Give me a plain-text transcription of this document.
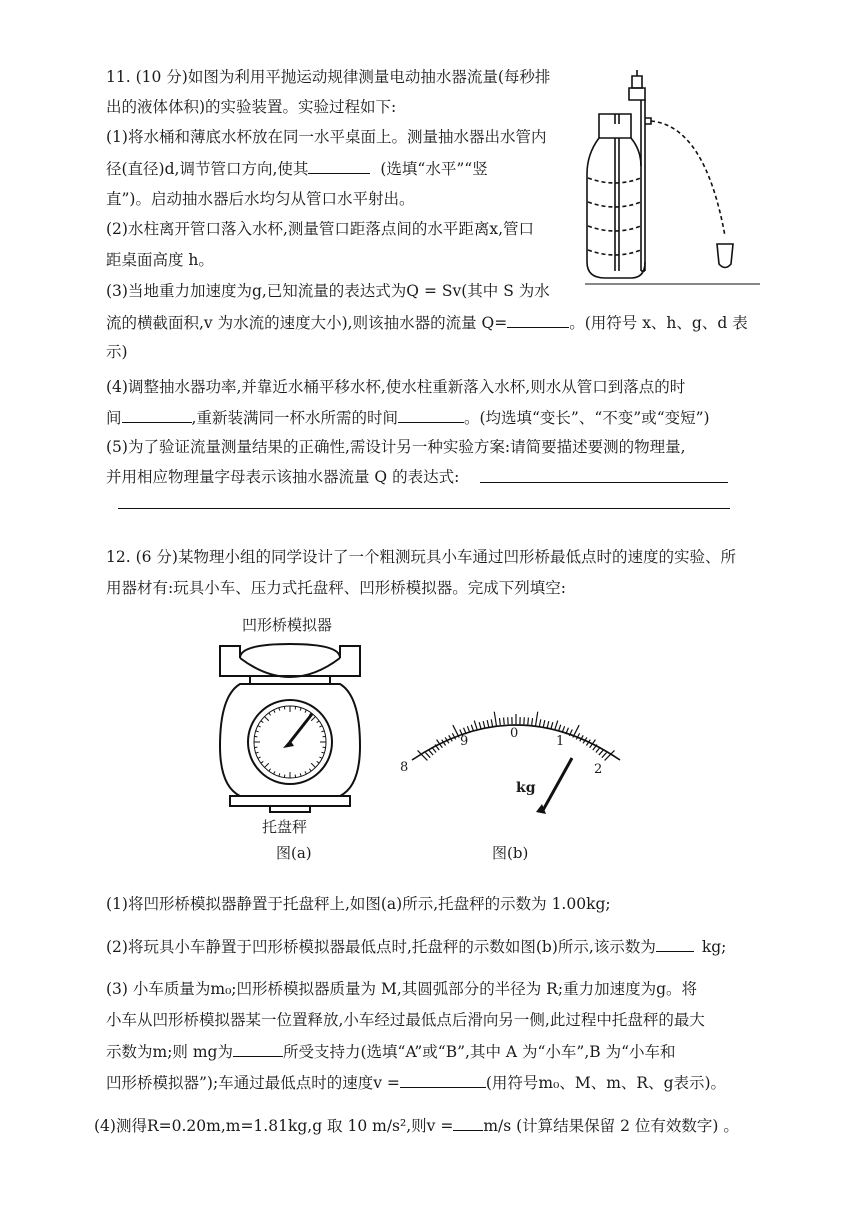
11. (10 分)如图为利用平抛运动规律测量电动抽水器流量(每秒排
出的液体体积)的实验装置。实验过程如下:
(1)将水桶和薄底水杯放在同一水平桌面上。测量抽水器出水管内
径(直径)d,调节管口方向,使其	(选填“水平”“竖
直”)。启动抽水器后水均匀从管口水平射出。
(2)水柱离开管口落入水杯,测量管口距落点间的水平距离x,管口
距桌面高度 h。
(3)当地重力加速度为g,已知流量的表达式为Q = Sv(其中 S 为水
流的横截面积,v 为水流的速度大小),则该抽水器的流量 Q=	。(用符号 x、h、g、d 表
示)
(4)调整抽水器功率,并靠近水桶平移水杯,使水柱重新落入水杯,则水从管口到落点的时
间	,重新装满同一杯水所需的时间	。(均选填“变长”、“不变”或“变短”)
(5)为了验证流量测量结果的正确性,需设计另一种实验方案:请简要描述要测的物理量,
并用相应物理量字母表示该抽水器流量 Q 的表达式:
12. (6 分)某物理小组的同学设计了一个粗测玩具小车通过凹形桥最低点时的速度的实验、所
用器材有:玩具小车、压力式托盘秤、凹形桥模拟器。完成下列填空:
凹形桥模拟器
托盘秤
图(a)
8
9
0
1
2
kg
图(b)
(1)将凹形桥模拟器静置于托盘秤上,如图(a)所示,托盘秤的示数为 1.00kg;
(2)将玩具小车静置于凹形桥模拟器最低点时,托盘秤的示数如图(b)所示,该示数为	kg;
(3) 小车质量为m₀;凹形桥模拟器质量为 M,其圆弧部分的半径为 R;重力加速度为g。将
小车从凹形桥模拟器某一位置释放,小车经过最低点后滑向另一侧,此过程中托盘秤的最大
示数为m;则 mg为	所受支持力(选填“A”或“B”,其中 A 为“小车”,B 为“小车和
凹形桥模拟器”);车通过最低点时的速度v =	(用符号m₀、M、m、R、g表示)。
(4)测得R=0.20m,m=1.81kg,g 取 10 m/s²,则v = m/s (计算结果保留 2 位有效数字) 。
